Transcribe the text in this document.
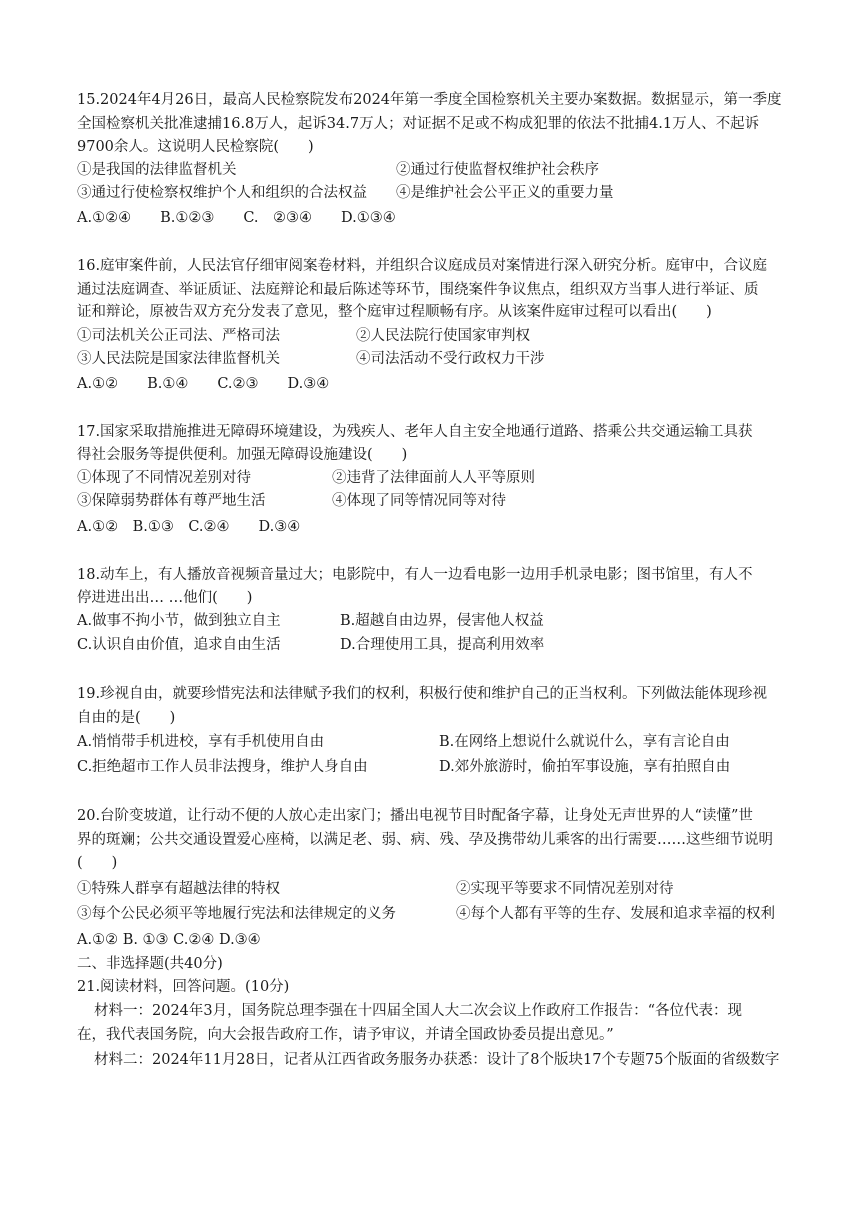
15.2024年4月26日，最高人民检察院发布2024年第一季度全国检察机关主要办案数据。数据显示，第一季度
全国检察机关批准逮捕16.8万人，起诉34.7万人；对证据不足或不构成犯罪的依法不批捕4.1万人、不起诉
9700余人。这说明人民检察院(　　)
①是我国的法律监督机关	②通过行使监督权维护社会秩序
③通过行使检察权维护个人和组织的合法权益 ④是维护社会公平正义的重要力量
A.①②④　　B.①②③　　C.　②③④　　D.①③④
16.庭审案件前，人民法官仔细审阅案卷材料，并组织合议庭成员对案情进行深入研究分析。庭审中，合议庭
通过法庭调查、举证质证、法庭辩论和最后陈述等环节，围绕案件争议焦点，组织双方当事人进行举证、质
证和辩论，原被告双方充分发表了意见，整个庭审过程顺畅有序。从该案件庭审过程可以看出(　　)
①司法机关公正司法、严格司法	②人民法院行使国家审判权
③人民法院是国家法律监督机关	④司法活动不受行政权力干涉
A.①②　　B.①④　　C.②③　　D.③④
17.国家采取措施推进无障碍环境建设，为残疾人、老年人自主安全地通行道路、搭乘公共交通运输工具获
得社会服务等提供便利。加强无障碍设施建设(　　)
①体现了不同情况差别对待	②违背了法律面前人人平等原则
③保障弱势群体有尊严地生活	④体现了同等情况同等对待
A.①②　B.①③　C.②④　　D.③④
18.动车上，有人播放音视频音量过大；电影院中，有人一边看电影一边用手机录电影；图书馆里，有人不
停进进出出… …他们(　　)
A.做事不拘小节，做到独立自主	B.超越自由边界，侵害他人权益
C.认识自由价值，追求自由生活	D.合理使用工具，提高利用效率
19.珍视自由，就要珍惜宪法和法律赋予我们的权利，积极行使和维护自己的正当权利。下列做法能体现珍视
自由的是(　　)
A.悄悄带手机进校，享有手机使用自由	B.在网络上想说什么就说什么，享有言论自由
C.拒绝超市工作人员非法搜身，维护人身自由	D.郊外旅游时，偷拍军事设施，享有拍照自由
20.台阶变坡道，让行动不便的人放心走出家门；播出电视节目时配备字幕，让身处无声世界的人“读懂”世
界的斑斓；公共交通设置爱心座椅，以满足老、弱、病、残、孕及携带幼儿乘客的出行需要……这些细节说明
(　　)
①特殊人群享有超越法律的特权	②实现平等要求不同情况差别对待
③每个公民必须平等地履行宪法和法律规定的义务	④每个人都有平等的生存、发展和追求幸福的权利
A.①② B. ①③ C.②④ D.③④
二、非选择题(共40分)
21.阅读材料，回答问题。(10分)
材料一：2024年3月，国务院总理李强在十四届全国人大二次会议上作政府工作报告：“各位代表：现
在，我代表国务院，向大会报告政府工作，请予审议，并请全国政协委员提出意见。”
材料二：2024年11月28日，记者从江西省政务服务办获悉：设计了8个版块17个专题75个版面的省级数字
